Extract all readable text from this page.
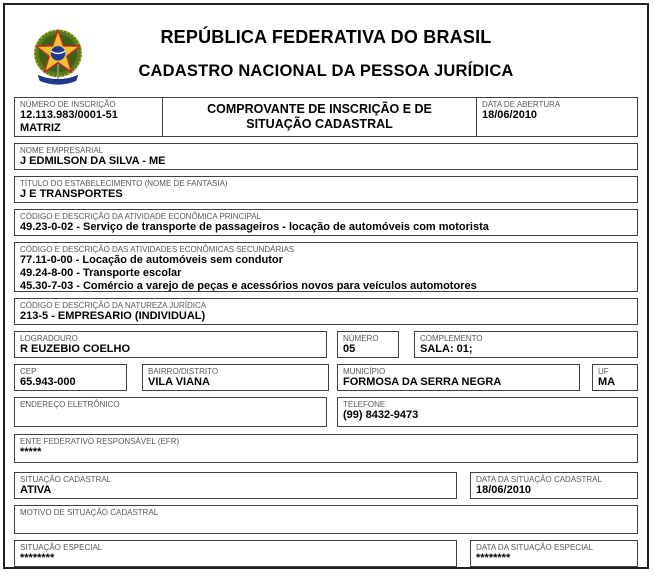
REPÚBLICA FEDERATIVA DO BRASIL
CADASTRO NACIONAL DA PESSOA JURÍDICA
NÚMERO DE INSCRIÇÃO
12.113.983/0001-51
MATRIZ
COMPROVANTE DE INSCRIÇÃO E DE
SITUAÇÃO CADASTRAL
DATA DE ABERTURA
18/06/2010
NOME EMPRESARIAL
J EDMILSON DA SILVA - ME
TÍTULO DO ESTABELECIMENTO (NOME DE FANTASIA)
J E TRANSPORTES
CÓDIGO E DESCRIÇÃO DA ATIVIDADE ECONÔMICA PRINCIPAL
49.23-0-02 - Serviço de transporte de passageiros - locação de automóveis com motorista
CÓDIGO E DESCRIÇÃO DAS ATIVIDADES ECONÔMICAS SECUNDÁRIAS
77.11-0-00 - Locação de automóveis sem condutor
49.24-8-00 - Transporte escolar
45.30-7-03 - Comércio a varejo de peças e acessórios novos para veículos automotores
CÓDIGO E DESCRIÇÃO DA NATUREZA JURÍDICA
213-5 - EMPRESARIO (INDIVIDUAL)
LOGRADOURO
R EUZEBIO COELHO
NÚMERO
05
COMPLEMENTO
SALA: 01;
CEP
65.943-000
BAIRRO/DISTRITO
VILA VIANA
MUNICÍPIO
FORMOSA DA SERRA NEGRA
UF
MA
ENDEREÇO ELETRÔNICO	TELEFONE
(99) 8432-9473
ENTE FEDERATIVO RESPONSÁVEL (EFR)
*****
SITUAÇÃO CADASTRAL
ATIVA
DATA DA SITUAÇÃO CADASTRAL
18/06/2010
MOTIVO DE SITUAÇÃO CADASTRAL
SITUAÇÃO ESPECIAL
********
DATA DA SITUAÇÃO ESPECIAL
********
